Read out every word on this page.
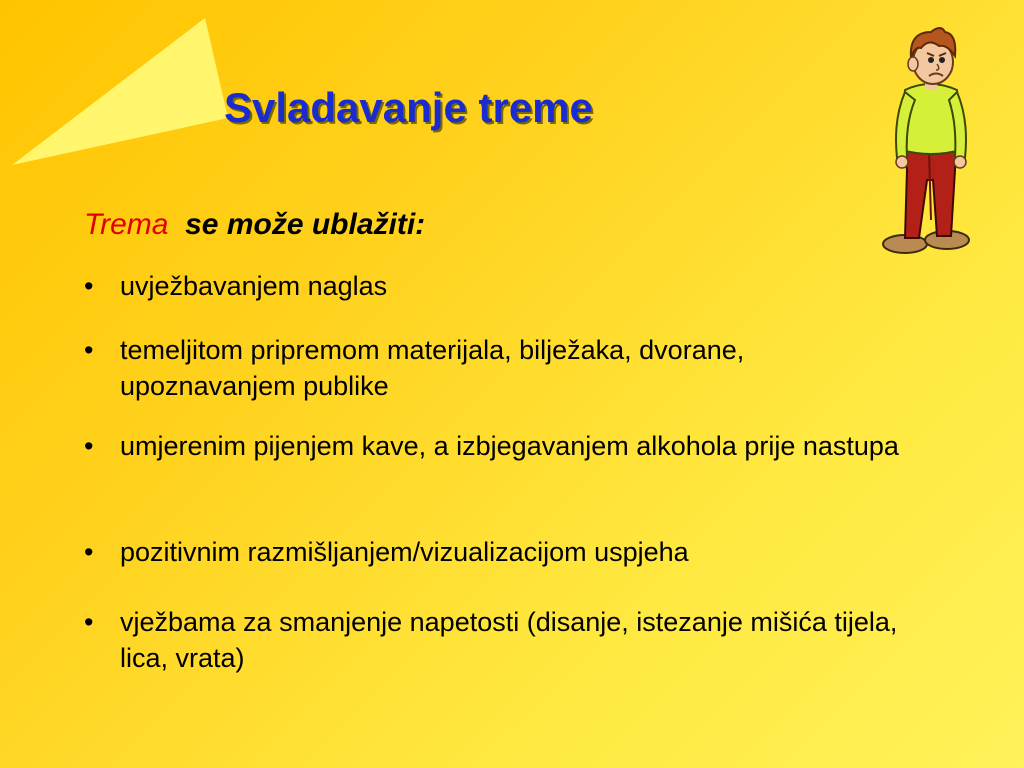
Svladavanje treme
Trema se može ublažiti:
• uvježbavanjem naglas
• temeljitom pripremom materijala, bilježaka, dvorane, upoznavanjem publike
• umjerenim pijenjem kave, a izbjegavanjem alkohola prije nastupa
• pozitivnim razmišljanjem/vizualizacijom uspjeha
• vježbama za smanjenje napetosti (disanje, istezanje mišića tijela, lica, vrata)
